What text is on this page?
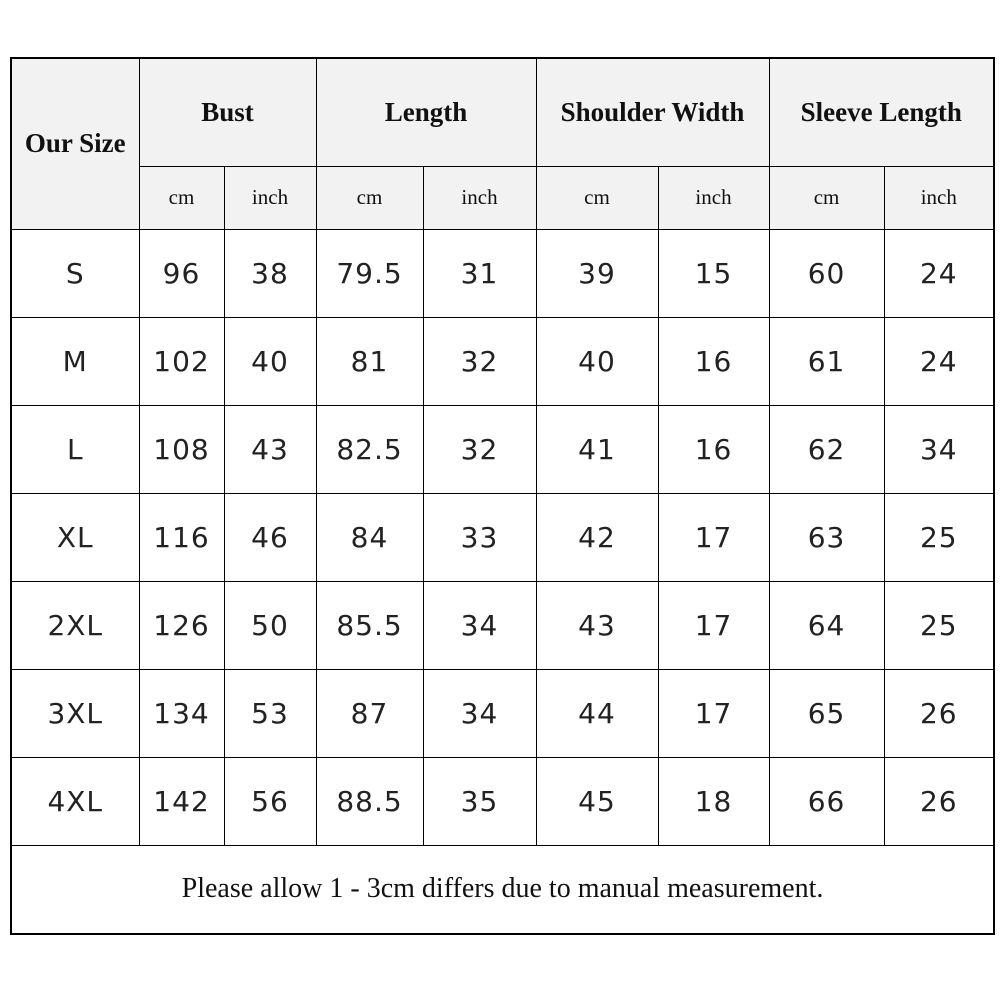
Our Size	Bust		Length		Shoulder Width		Sleeve Length	
	cm	inch	cm	inch	cm	inch	cm	inch
S	96	38	79.5	31	39	15	60	24
M	102	40	81	32	40	16	61	24
L	108	43	82.5	32	41	16	62	34
XL	116	46	84	33	42	17	63	25
2XL	126	50	85.5	34	43	17	64	25
3XL	134	53	87	34	44	17	65	26
4XL	142	56	88.5	35	45	18	66	26
Please allow 1 - 3cm differs due to manual measurement.								
